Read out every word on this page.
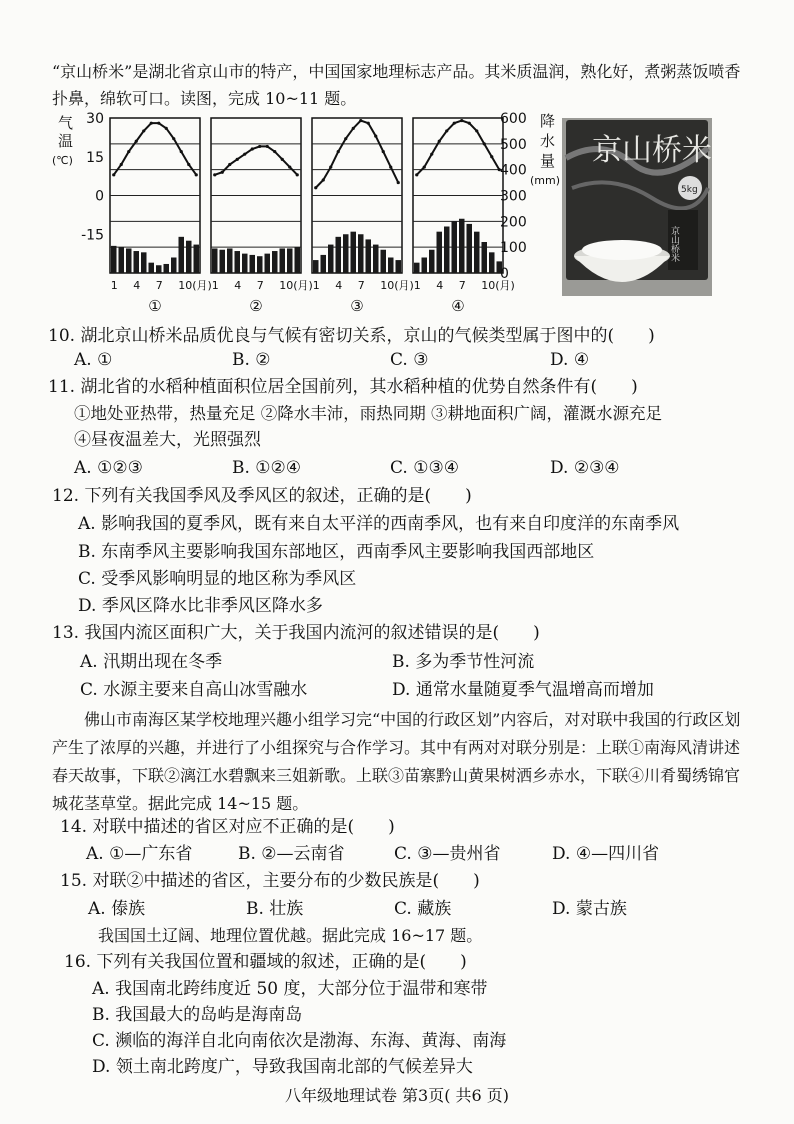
“京山桥米”是湖北省京山市的特产，中国国家地理标志产品。其米质温润，熟化好，煮粥蒸饭喷香扑鼻，绵软可口。读图，完成 10~11 题。
气
温
(℃)
30
15
0
-15
1 4 7 10(月)
①
1 4 7 10(月)
②
1 4 7 10(月)
③
1 4 7 10(月)
④
降
水
量
(mm)
600
500
400
300
200
100
0
京山桥米
5kg
京山桥米
10. 湖北京山桥米品质优良与气候有密切关系，京山的气候类型属于图中的( )
A. ①	B. ②	C. ③	D. ④
11. 湖北省的水稻种植面积位居全国前列，其水稻种植的优势自然条件有( )
①地处亚热带，热量充足 ②降水丰沛，雨热同期 ③耕地面积广阔，灌溉水源充足
④昼夜温差大，光照强烈
A. ①②③	B. ①②④	C. ①③④	D. ②③④
12. 下列有关我国季风及季风区的叙述，正确的是( )
A. 影响我国的夏季风，既有来自太平洋的西南季风，也有来自印度洋的东南季风
B. 东南季风主要影响我国东部地区，西南季风主要影响我国西部地区
C. 受季风影响明显的地区称为季风区
D. 季风区降水比非季风区降水多
13. 我国内流区面积广大，关于我国内流河的叙述错误的是( )
A. 汛期出现在冬季	B. 多为季节性河流
C. 水源主要来自高山冰雪融水	D. 通常水量随夏季气温增高而增加
佛山市南海区某学校地理兴趣小组学习完“中国的行政区划”内容后，对对联中我国的行政区划产生了浓厚的兴趣，并进行了小组探究与合作学习。其中有两对对联分别是：上联①南海风清讲述春天故事，下联②漓江水碧飘来三姐新歌。上联③苗寨黔山黄果树洒乡赤水，下联④川肴蜀绣锦官城花茎草堂。据此完成 14~15 题。
14. 对联中描述的省区对应不正确的是( )
A. ①—广东省	B. ②—云南省	C. ③—贵州省	D. ④—四川省
15. 对联②中描述的省区，主要分布的少数民族是( )
A. 傣族	B. 壮族	C. 藏族	D. 蒙古族
我国国土辽阔、地理位置优越。据此完成 16~17 题。
16. 下列有关我国位置和疆域的叙述，正确的是( )
A. 我国南北跨纬度近 50 度，大部分位于温带和寒带
B. 我国最大的岛屿是海南岛
C. 濒临的海洋自北向南依次是渤海、东海、黄海、南海
D. 领土南北跨度广，导致我国南北部的气候差异大
八年级地理试卷 第3页( 共6 页)
